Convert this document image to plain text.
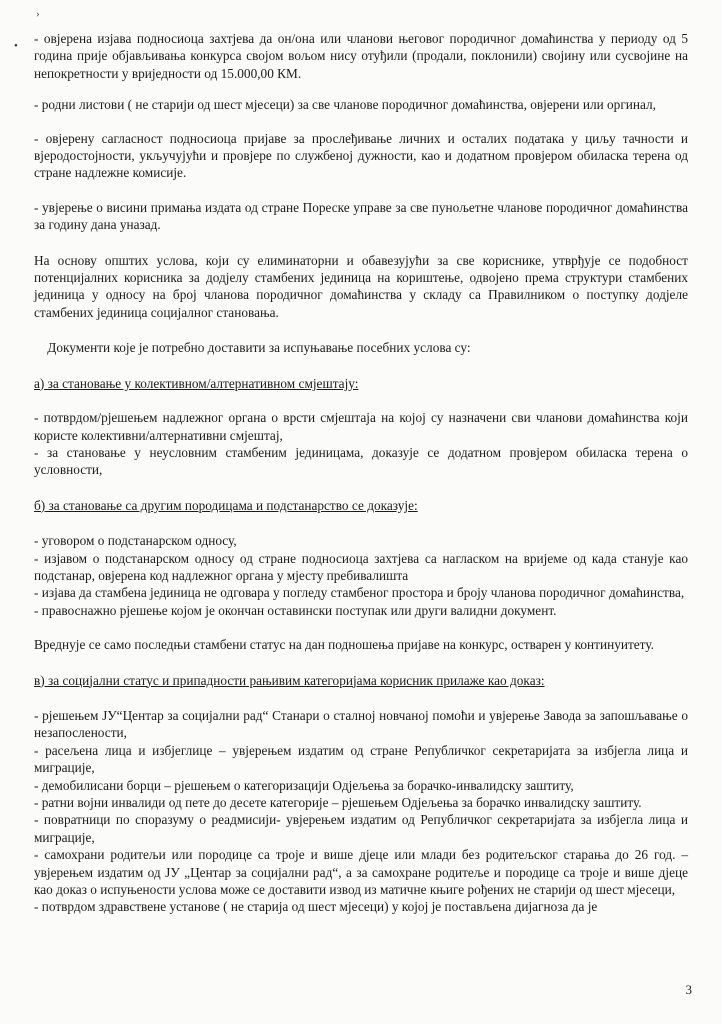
›
• - овјерена изјава подносиоца захтјева да он/она или чланови његовог породичног домаћинства у периоду од 5 година прије објављивања конкурса својом вољом нису отуђили (продали, поклонили) својину или сусвојине на непокретности у вриједности од 15.000,00 КМ.

- родни листови ( не старији од шест мјесеци) за све чланове породичног домаћинства, овјерени или оргинал,

- овјерену сагласност подносиоца пријаве за прослеђивање личних и осталих података у циљу тачности и вјеродостојности, укључујући и провјере по службеној дужности, као и додатном провјером обиласка терена од стране надлежне комисије.

- увјерење о висини примања издата од стране Пореске управе за све пунољетне чланове породичног домаћинства за годину дана уназад.

На основу општих услова, који су елиминаторни и обавезујући за све кориснике, утврђује се подобност потенцијалних корисника за додјелу стамбених јединица на кориштење, одвојено према структури стамбених јединица у односу на број чланова породичног домаћинства у складу са Правилником о поступку додјеле стамбених јединица социјалног становања.

Документи које је потребно доставити за испуњавање посебних услова су:

а) за становање у колективном/алтернативном смјештају:

- потврдом/рјешењем надлежног органа о врсти смјештаја на којој су назначени сви чланови домаћинства који користе колективни/алтернативни смјештај,

- за становање у неусловним стамбеним јединицама, доказује се додатном провјером обиласка терена о условности,

б) за становање са другим породицама и подстанарство се доказује:

- уговором о подстанарском односу,

- изјавом о подстанарском односу од стране подносиоца захтјева са нагласком на вријеме од када станује као подстанар, овјерена код надлежног органа у мјесту пребивалишта

- изјава да стамбена јединица не одговара у погледу стамбеног простора и броју чланова породичног домаћинства,

- правоснажно рјешење којом је окончан оставински поступак или други валидни документ.

Вреднује се само последњи стамбени статус на дан подношења пријаве на конкурс, остварен у континуитету.

в) за социјални статус и припадности рањивим категоријама корисник прилаже као доказ:

- рјешењем ЈУ“Центар за социјални рад“ Станари о сталној новчаној помоћи и увјерење Завода за запошљавање о незапослености,

- расељена лица и избјеглице – увјерењем издатим од стране Републичког секретаријата за избјегла лица и миграције,

- демобилисани борци – рјешењем о категоризацији Одјељења за борачко-инвалидску заштиту,

- ратни војни инвалиди од пете до десете категорије – рјешењем Одјељења за борачко инвалидску заштиту.

- повратници по споразуму о реадмисији- увјерењем издатим од Републичког секретаријата за избјегла лица и миграције,

- самохрани родитељи или породице са троје и више дјеце или млади без родитељског старања до 26 год. – увјерењем издатим од ЈУ „Центар за социјални рад“, а за самохране родитеље и породице са троје и више дјеце као доказ о испуњености услова може се доставити извод из матичне књиге рођених не старији од шест мјесеци,

- потврдом здравствене установе ( не старија од шест мјесеци) у којој је постављена дијагноза да је

3
